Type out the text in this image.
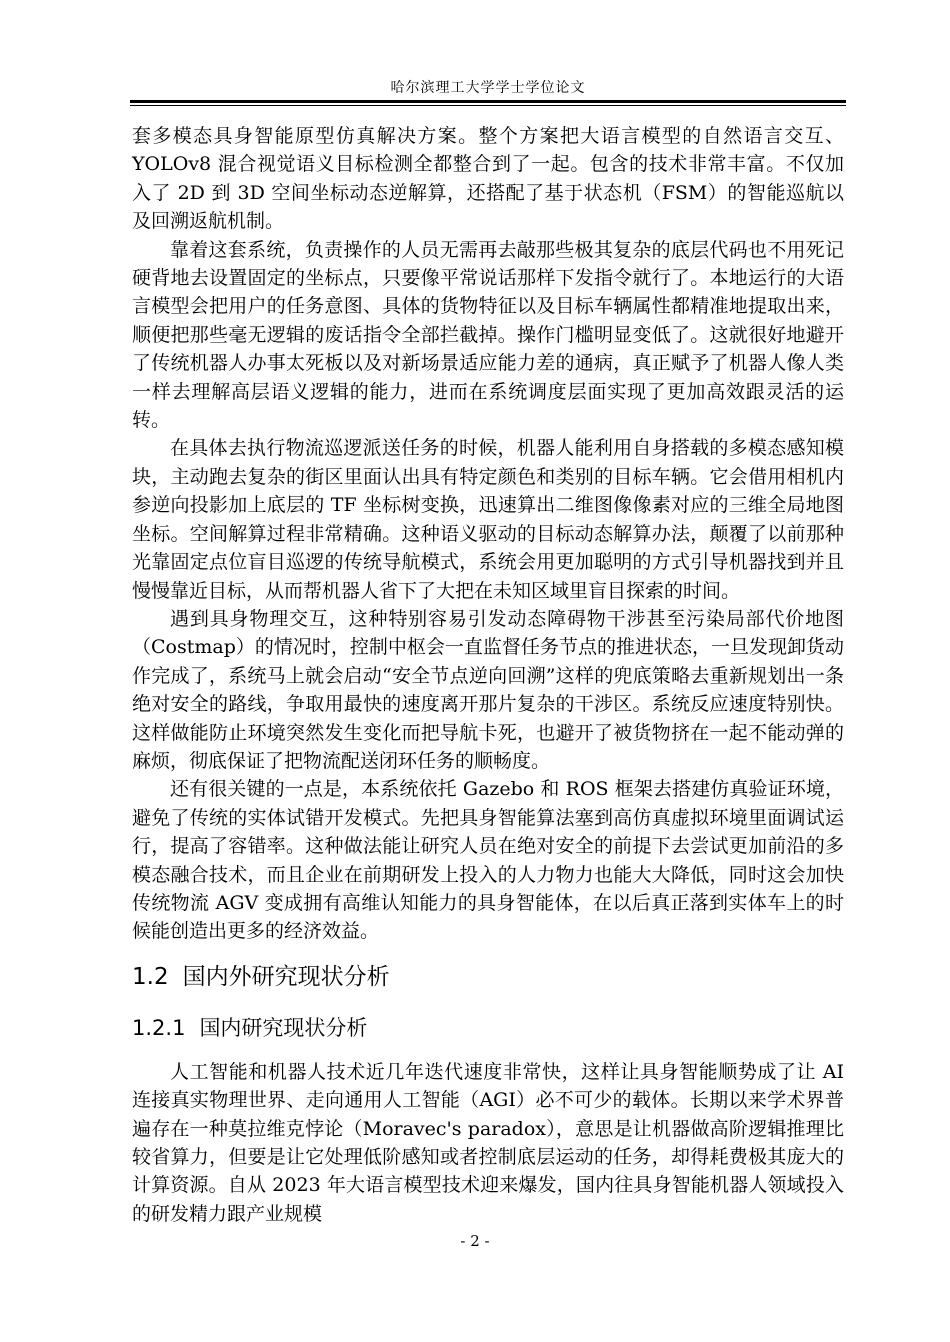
哈尔滨理工大学学士学位论文

套多模态具身智能原型仿真解决方案。整个方案把大语言模型的自然语言交互、YOLOv8 混合视觉语义目标检测全都整合到了一起。包含的技术非常丰富。不仅加入了 2D 到 3D 空间坐标动态逆解算，还搭配了基于状态机（FSM）的智能巡航以及回溯返航机制。

靠着这套系统，负责操作的人员无需再去敲那些极其复杂的底层代码也不用死记硬背地去设置固定的坐标点，只要像平常说话那样下发指令就行了。本地运行的大语言模型会把用户的任务意图、具体的货物特征以及目标车辆属性都精准地提取出来，顺便把那些毫无逻辑的废话指令全部拦截掉。操作门槛明显变低了。这就很好地避开了传统机器人办事太死板以及对新场景适应能力差的通病，真正赋予了机器人像人类一样去理解高层语义逻辑的能力，进而在系统调度层面实现了更加高效跟灵活的运转。

在具体去执行物流巡逻派送任务的时候，机器人能利用自身搭载的多模态感知模块，主动跑去复杂的街区里面认出具有特定颜色和类别的目标车辆。它会借用相机内参逆向投影加上底层的 TF 坐标树变换，迅速算出二维图像像素对应的三维全局地图坐标。空间解算过程非常精确。这种语义驱动的目标动态解算办法，颠覆了以前那种光靠固定点位盲目巡逻的传统导航模式，系统会用更加聪明的方式引导机器找到并且慢慢靠近目标，从而帮机器人省下了大把在未知区域里盲目探索的时间。

遇到具身物理交互，这种特别容易引发动态障碍物干涉甚至污染局部代价地图（Costmap）的情况时，控制中枢会一直监督任务节点的推进状态，一旦发现卸货动作完成了，系统马上就会启动“安全节点逆向回溯”这样的兜底策略去重新规划出一条绝对安全的路线，争取用最快的速度离开那片复杂的干涉区。系统反应速度特别快。这样做能防止环境突然发生变化而把导航卡死，也避开了被货物挤在一起不能动弹的麻烦，彻底保证了把物流配送闭环任务的顺畅度。

还有很关键的一点是，本系统依托 Gazebo 和 ROS 框架去搭建仿真验证环境，避免了传统的实体试错开发模式。先把具身智能算法塞到高仿真虚拟环境里面调试运行，提高了容错率。这种做法能让研究人员在绝对安全的前提下去尝试更加前沿的多模态融合技术，而且企业在前期研发上投入的人力物力也能大大降低，同时这会加快传统物流 AGV 变成拥有高维认知能力的具身智能体，在以后真正落到实体车上的时候能创造出更多的经济效益。

1.2 国内外研究现状分析
1.2.1 国内研究现状分析

人工智能和机器人技术近几年迭代速度非常快，这样让具身智能顺势成了让 AI 连接真实物理世界、走向通用人工智能（AGI）必不可少的载体。长期以来学术界普遍存在一种莫拉维克悖论（Moravec's paradox），意思是让机器做高阶逻辑推理比较省算力，但要是让它处理低阶感知或者控制底层运动的任务，却得耗费极其庞大的计算资源。自从 2023 年大语言模型技术迎来爆发，国内往具身智能机器人领域投入的研发精力跟产业规模

- 2 -
